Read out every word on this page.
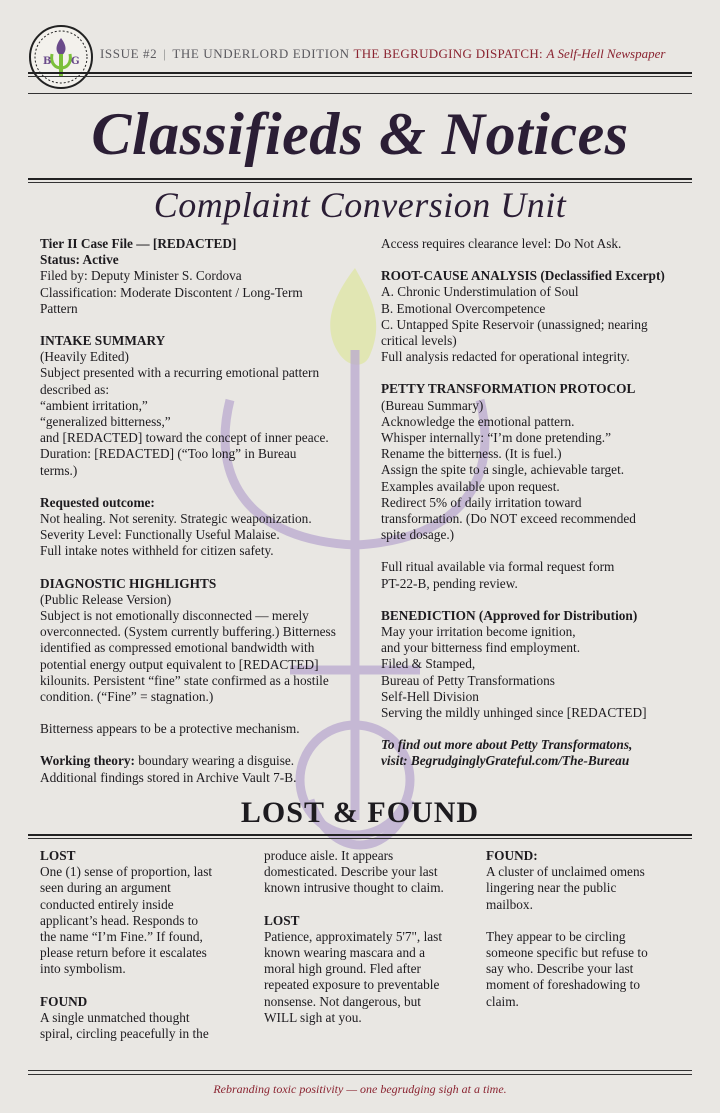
B G
ISSUE #2 | THE UNDERLORD EDITION THE BEGRUDGING DISPATCH: A Self-Hell Newspaper
Classifieds & Notices
Complaint Conversion Unit

Tier II Case File — [REDACTED]

Status: Active

Filed by: Deputy Minister S. Cordova

Classification: Moderate Discontent / Long-Term

Pattern

INTAKE SUMMARY

(Heavily Edited)

Subject presented with a recurring emotional pattern

described as:

“ambient irritation,”

“generalized bitterness,”

and [REDACTED] toward the concept of inner peace.

Duration: [REDACTED] (“Too long” in Bureau

terms.)

Requested outcome:

Not healing. Not serenity. Strategic weaponization.

Severity Level: Functionally Useful Malaise.

Full intake notes withheld for citizen safety.

DIAGNOSTIC HIGHLIGHTS

(Public Release Version)

Subject is not emotionally disconnected — merely

overconnected. (System currently buffering.) Bitterness

identified as compressed emotional bandwidth with

potential energy output equivalent to [REDACTED]

kilounits. Persistent “fine” state confirmed as a hostile

condition. (“Fine” = stagnation.)

Bitterness appears to be a protective mechanism.

Working theory: boundary wearing a disguise.

Additional findings stored in Archive Vault 7-B.

Access requires clearance level: Do Not Ask.

ROOT-CAUSE ANALYSIS (Declassified Excerpt)

A. Chronic Understimulation of Soul

B. Emotional Overcompetence

C. Untapped Spite Reservoir (unassigned; nearing

critical levels)

Full analysis redacted for operational integrity.

PETTY TRANSFORMATION PROTOCOL

(Bureau Summary)

Acknowledge the emotional pattern.

Whisper internally: “I’m done pretending.”

Rename the bitterness. (It is fuel.)

Assign the spite to a single, achievable target.

Examples available upon request.

Redirect 5% of daily irritation toward

transformation. (Do NOT exceed recommended

spite dosage.)

Full ritual available via formal request form

PT-22-B, pending review.

BENEDICTION (Approved for Distribution)

May your irritation become ignition,

and your bitterness find employment.

Filed & Stamped,

Bureau of Petty Transformations

Self-Hell Division

Serving the mildly unhinged since [REDACTED]

To find out more about Petty Transformatons,

visit: BegrudginglyGrateful.com/The-Bureau

LOST & FOUND

LOST

One (1) sense of proportion, last

seen during an argument

conducted entirely inside

applicant’s head. Responds to

the name “I’m Fine.” If found,

please return before it escalates

into symbolism.

FOUND

A single unmatched thought

spiral, circling peacefully in the

produce aisle. It appears

domesticated. Describe your last

known intrusive thought to claim.

LOST

Patience, approximately 5'7", last

known wearing mascara and a

moral high ground. Fled after

repeated exposure to preventable

nonsense. Not dangerous, but

WILL sigh at you.

FOUND:

A cluster of unclaimed omens

lingering near the public

mailbox.

They appear to be circling

someone specific but refuse to

say who. Describe your last

moment of foreshadowing to

claim.

Rebranding toxic positivity — one begrudging sigh at a time.
